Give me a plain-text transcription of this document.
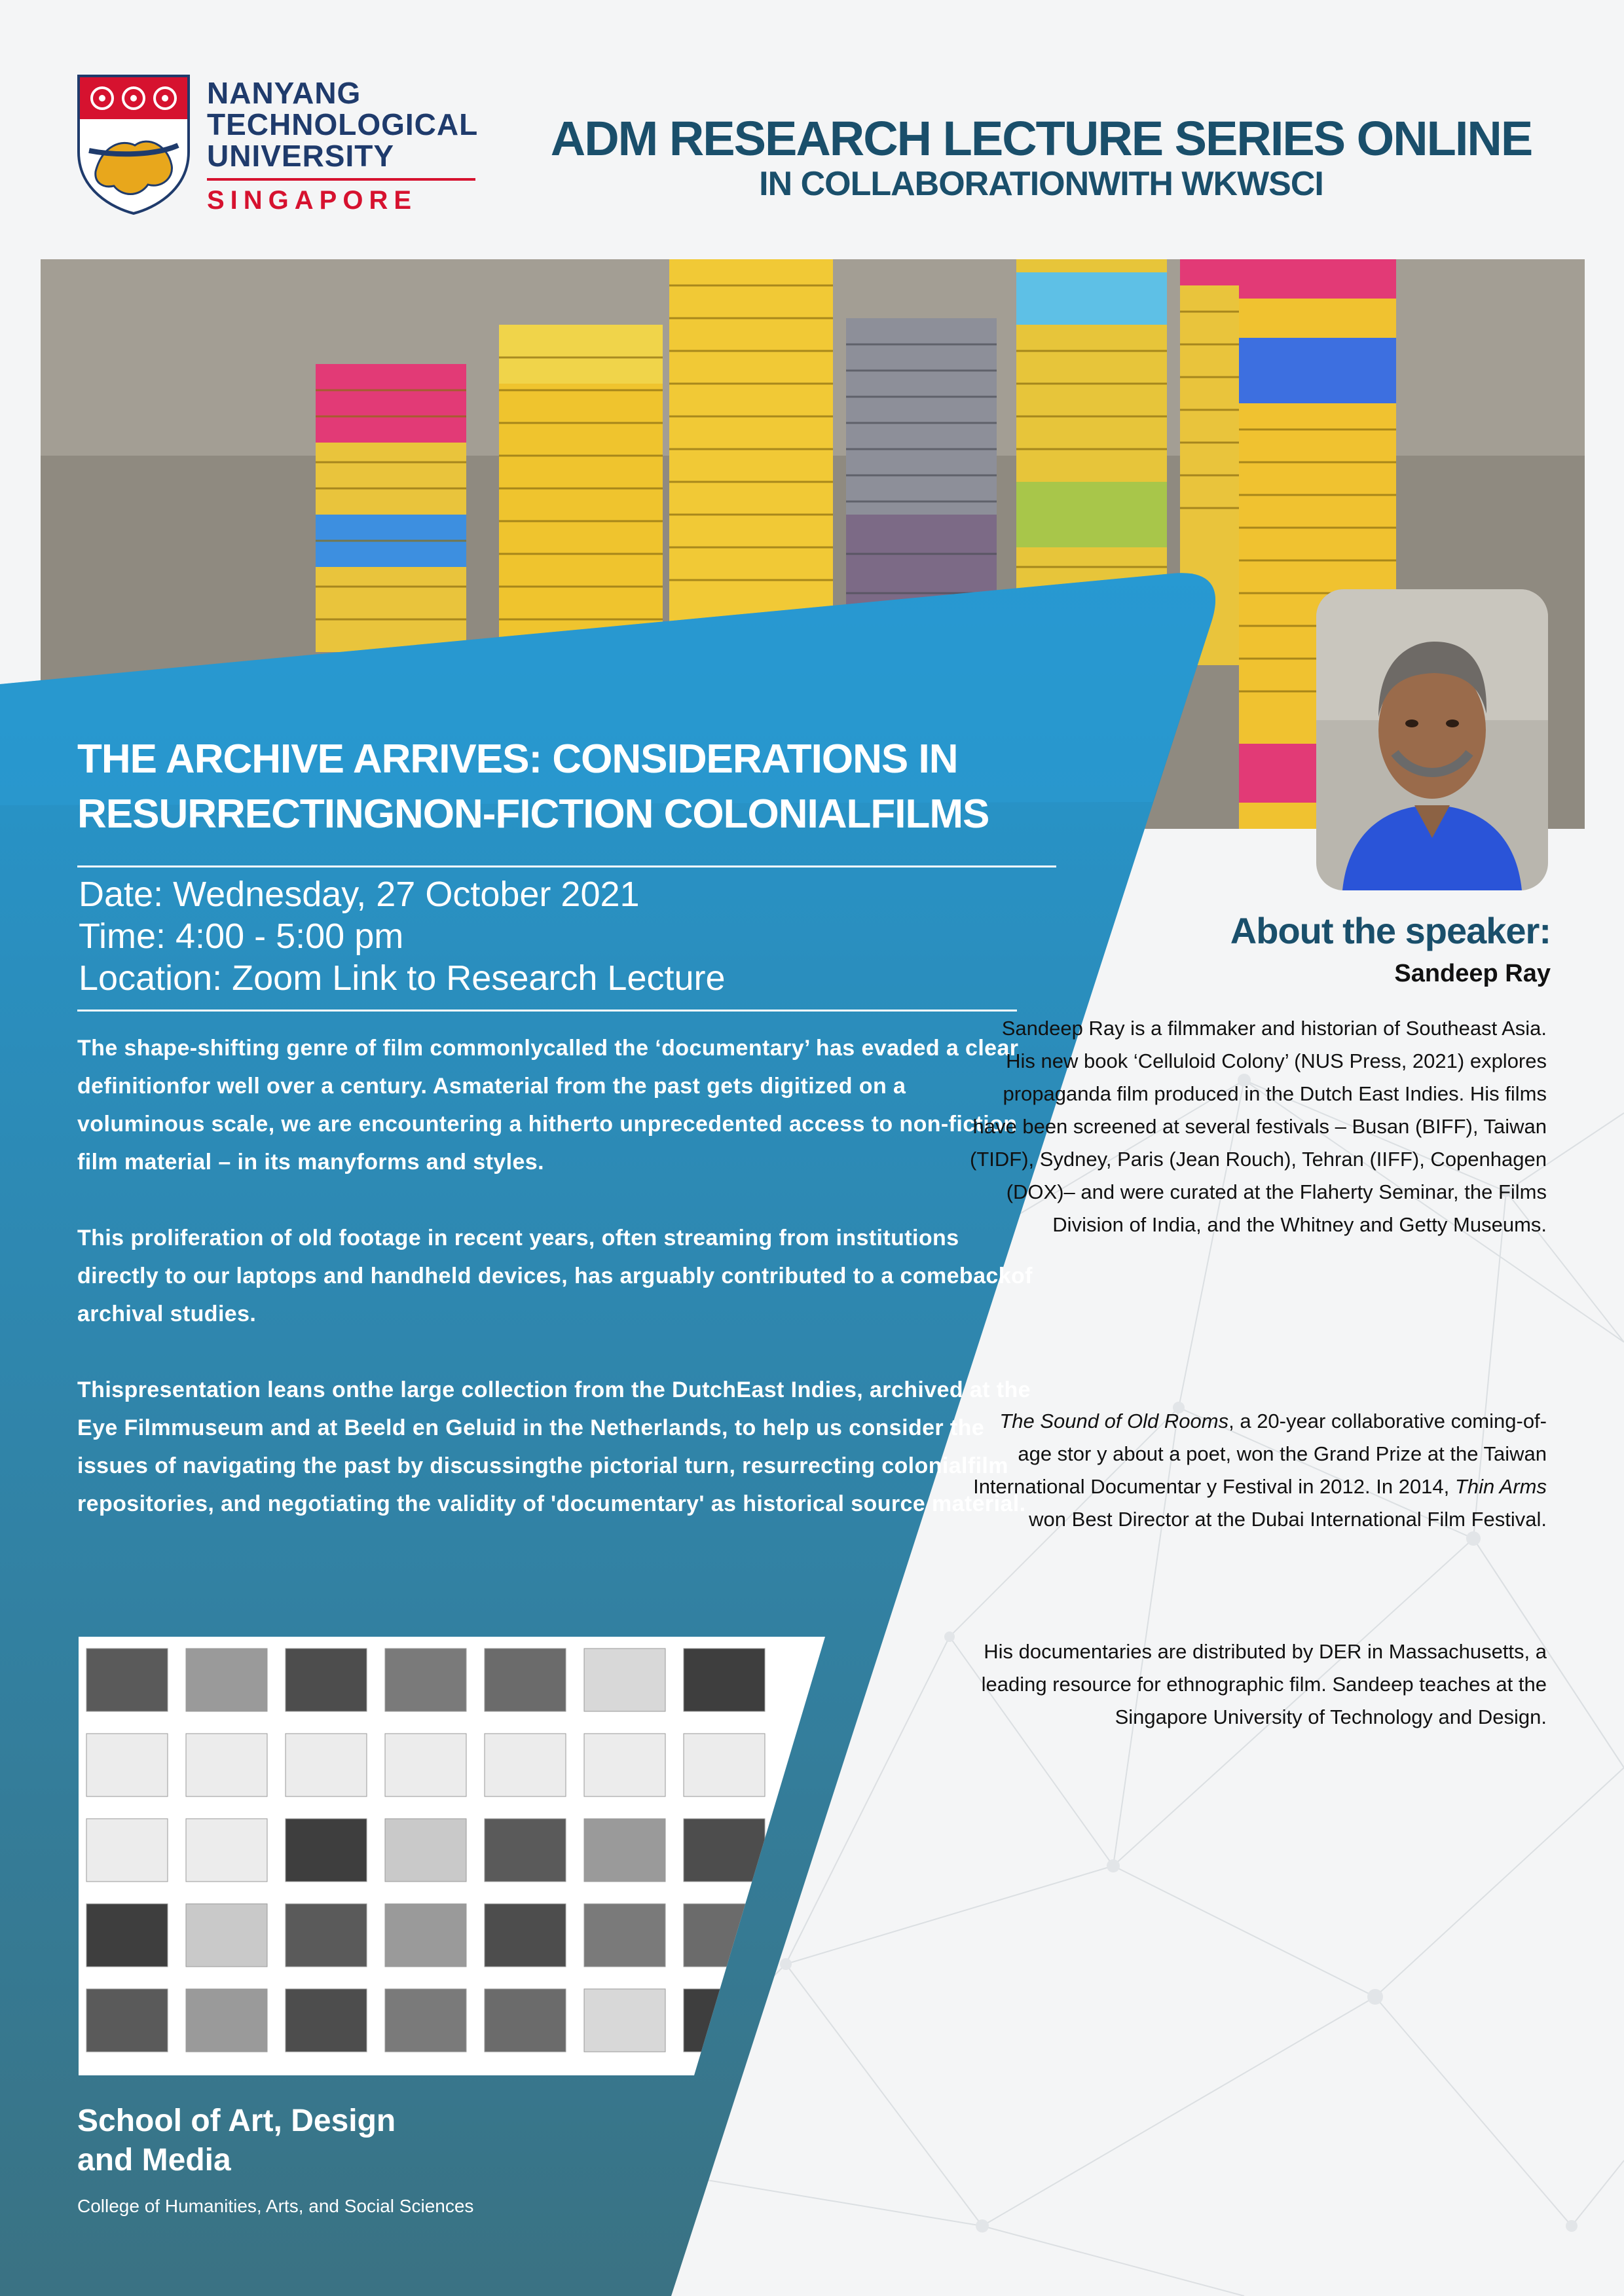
NANYANG
TECHNOLOGICAL
UNIVERSITY
SINGAPORE
ADM RESEARCH LECTURE SERIES ONLINE
IN COLLABORATIONWITH WKWSCI
THE ARCHIVE ARRIVES: CONSIDERATIONS IN
RESURRECTINGNON-FICTION COLONIALFILMS
Date: Wednesday, 27 October 2021
Time: 4:00 - 5:00 pm
Location: Zoom Link to Research Lecture
The shape-shifting genre of film commonlycalled the ‘documentary’ has evaded a clear definitionfor well over a century. Asmaterial from the past gets digitized on a voluminous scale, we are encountering a hitherto unprecedented access to non-fiction film material – in its manyforms and styles.
This proliferation of old footage in recent years, often streaming from institutions directly to our laptops and handheld devices, has arguably contributed to a comebackof archival studies.
Thispresentation leans onthe large collection from the DutchEast Indies, archived at the Eye Filmmuseum and at Beeld en Geluid in the Netherlands, to help us consider the issues of navigating the past by discussingthe pictorial turn, resurrecting colonialfilm repositories, and negotiating the validity of 'documentary' as historical source material.
School of Art, Design
and Media
College of Humanities, Arts, and Social Sciences
About the speaker:
Sandeep Ray
Sandeep Ray is a filmmaker and historian of Southeast Asia. His new book ‘Celluloid Colony’ (NUS Press, 2021) explores propaganda film produced in the Dutch East Indies. His films have been screened at several festivals – Busan (BIFF), Taiwan (TIDF), Sydney, Paris (Jean Rouch), Tehran (IIFF), Copenhagen (DOX)– and were curated at the Flaherty Seminar, the Films Division of India, and the Whitney and Getty Museums.
The Sound of Old Rooms, a 20-year collaborative coming-of-age stor y about a poet, won the Grand Prize at the Taiwan International Documentar y Festival in 2012. In 2014, Thin Arms won Best Director at the Dubai International Film Festival.
His documentaries are distributed by DER in Massachusetts, a leading resource for ethnographic film. Sandeep teaches at the Singapore University of Technology and Design.
